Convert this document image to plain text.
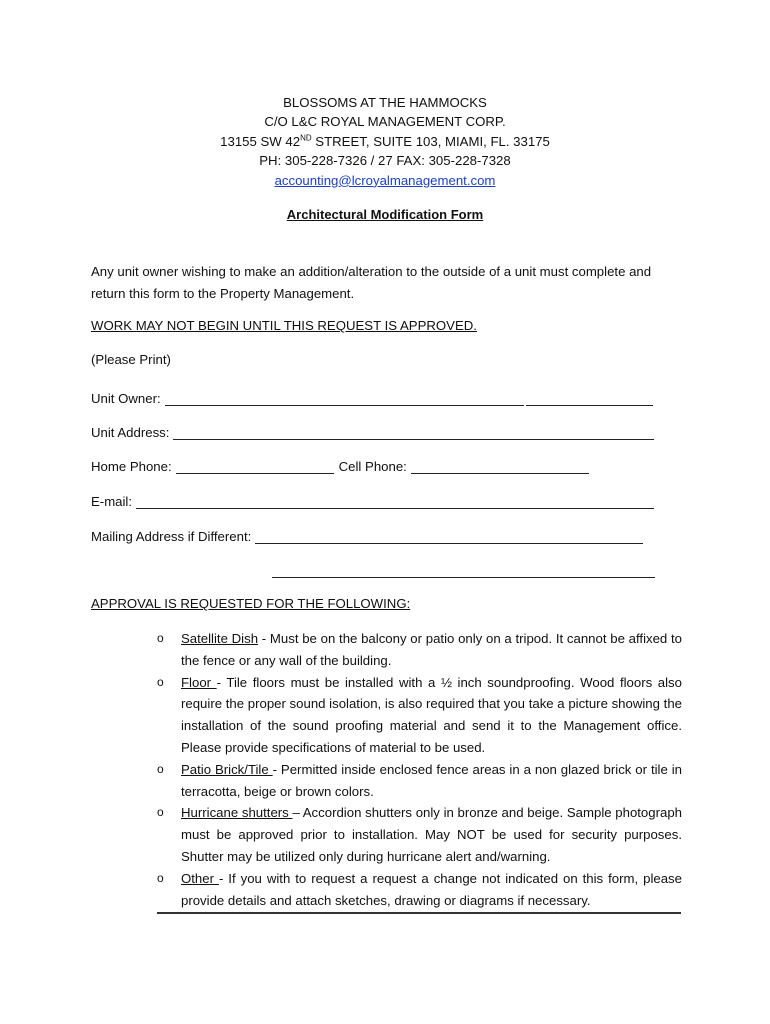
BLOSSOMS AT THE HAMMOCKS
C/O L&C ROYAL MANAGEMENT CORP.
13155 SW 42ND STREET, SUITE 103, MIAMI, FL. 33175
PH: 305-228-7326 / 27 FAX: 305-228-7328
accounting@lcroyalmanagement.com
Architectural Modification Form
Any unit owner wishing to make an addition/alteration to the outside of a unit must complete and return this form to the Property Management.
WORK MAY NOT BEGIN UNTIL THIS REQUEST IS APPROVED.
(Please Print)
Unit Owner:
Unit Address:
Home Phone:	Cell Phone:
E-mail:
Mailing Address if Different:
APPROVAL IS REQUESTED FOR THE FOLLOWING:
o Satellite Dish - Must be on the balcony or patio only on a tripod. It cannot be affixed to the fence or any wall of the building.
o Floor - Tile floors must be installed with a ½ inch soundproofing. Wood floors also require the proper sound isolation, is also required that you take a picture showing the installation of the sound proofing material and send it to the Management office. Please provide specifications of material to be used.
o Patio Brick/Tile - Permitted inside enclosed fence areas in a non glazed brick or tile in terracotta, beige or brown colors.
o Hurricane shutters – Accordion shutters only in bronze and beige. Sample photograph must be approved prior to installation. May NOT be used for security purposes. Shutter may be utilized only during hurricane alert and/warning.
o Other - If you with to request a request a change not indicated on this form, please provide details and attach sketches, drawing or diagrams if necessary.
